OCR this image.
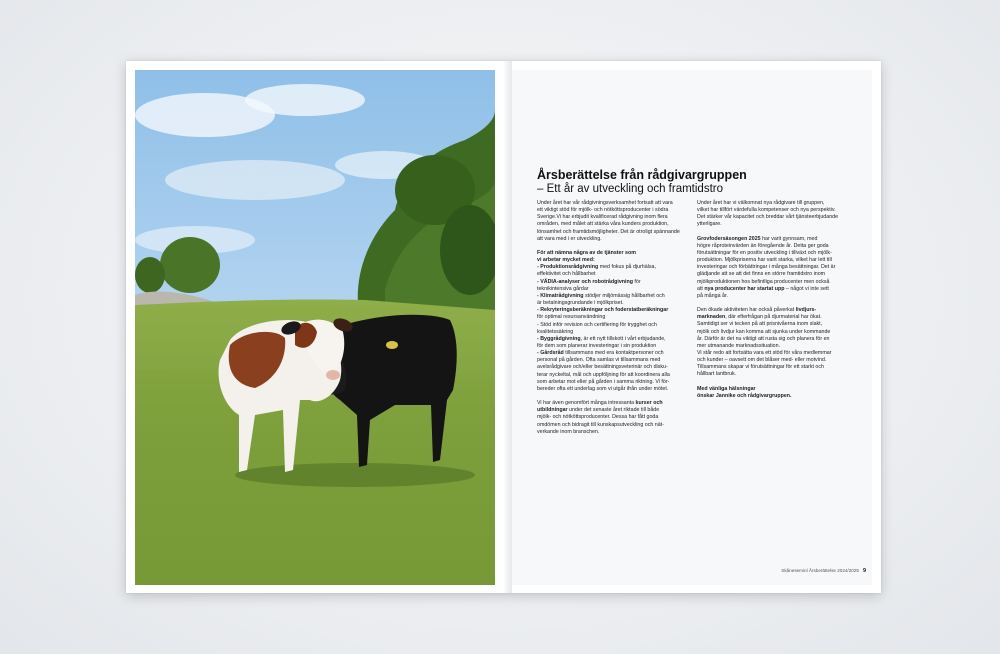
Årsberättelse från rådgivargruppen
– Ett år av utveckling och framtidstro

Under året har vår rådgivningsverksamhet fortsatt att vara
ett viktigt stöd för mjölk- och nötköttsproducenter i södra
Sverige.Vi har erbjudit kvalificerad rådgivning inom flera
områden, med målet att stärka våra kunders produktion,
lönsamhet och framtidsmöjligheter. Det är otroligt spännande
att vara med i er utveckling.

För att nämna några av de tjänster som
vi arbetar mycket med:
- Produktionsrådgivning med fokus på djurhälsa,
effektivitet och hållbarhet
- VÄDIA-analyser och robotrådgivning för
teknikintensiva gårdar
- Klimatrådgivning stödjer miljömässig hållbarhet och
är betalningsgrundande i mjölkpriset.
- Rekryteringsberäkningar och foderstatberäkningar
för optimal resursanvändning
- Stöd inför revision och certifiering för trygghet och
kvalitetssäkring
- Byggrådgivning, är ett nytt tillskott i vårt erbjudande,
för dem som planerar investeringar i sin produktion
- Gårdsråd tillsammans med era kontaktpersoner och
personal på gården. Ofta samlas vi tillsammans med
avelsrådgivare och/eller besättningsveterinär och disku-
terar nyckeltal, mål och uppföljning för att koordinera alla
som arbetar mot eller på gården i samma riktning. Vi för-
bereder ofta ett underlag som vi utgår ifrån under mötet.

Vi har även genomfört många intressanta kurser och
utbildningar under det senaste året riktade till både
mjölk- och nötköttsproducenter. Dessa har fått goda
omdömen och bidragit till kunskapsutveckling och nät-
verkande inom branschen.

Under året har vi välkomnat nya rådgivare till gruppen,
vilket har tillfört värdefulla kompetenser och nya perspektiv.
Det stärker vår kapacitet och breddar vårt tjänsteerbjudande
ytterligare.

Grovfodersäsongen 2025 har varit gynnsam, med
högre råproteinvärden än föregående år. Detta ger goda
förutsättningar för en positiv utveckling i tillväxt och mjölk-
produktion. Mjölkpriserna har varit starka, vilket har lett till
investeringar och förbättringar i många besättningar. Det är
glädjande att se att det finns en större framtidstro inom
mjölkproduktionen hos befintliga producenter men också
att nya producenter har startat upp – något vi inte sett
på många år.

Den ökade aktiviteten har också påverkat livdjurs-
marknaden, där efterfrågan på djurmaterial har ökat.
Samtidigt ser vi tecken på att prisnivåerna inom slakt,
mjölk och livdjur kan komma att sjunka under kommande
år. Därför är det nu viktigt att rusta sig och planera för en
mer utmanande marknadssituation.
Vi står redo att fortsätta vara ett stöd för våra medlemmar
och kunder – oavsett om det blåser med- eller motvind.
Tillsammans skapar vi förutsättningar för ett starkt och
hållbart lantbruk.

Med vänliga hälsningar
önskar Jannike och rådgivargruppen.

Skåneseminl Årsberättelse 2024/2025 9
